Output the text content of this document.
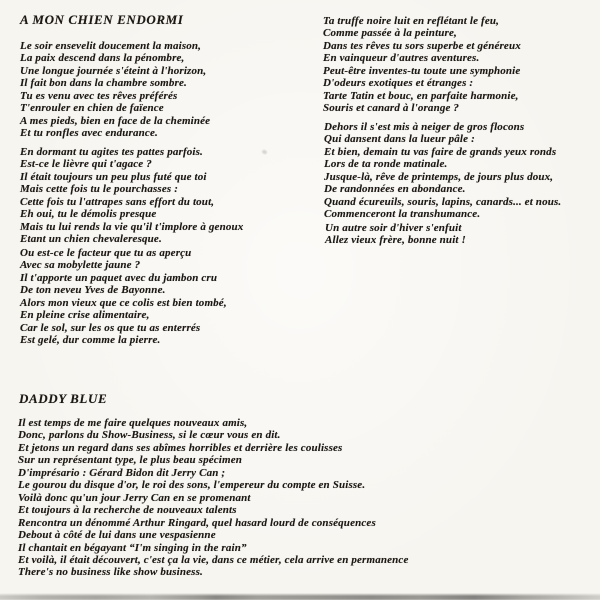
A MON CHIEN ENDORMI
Le soir ensevelit doucement la maison,
La paix descend dans la pénombre,
Une longue journée s'éteint à l'horizon,
Il fait bon dans la chambre sombre.
Tu es venu avec tes rêves préférés
T'enrouler en chien de faïence
A mes pieds, bien en face de la cheminée
Et tu ronfles avec endurance.
En dormant tu agites tes pattes parfois.
Est-ce le lièvre qui t'agace ?
Il était toujours un peu plus futé que toi
Mais cette fois tu le pourchasses :
Cette fois tu l'attrapes sans effort du tout,
Eh oui, tu le démolis presque
Mais tu lui rends la vie qu'il t'implore à genoux
Etant un chien chevaleresque.
Ou est-ce le facteur que tu as aperçu
Avec sa mobylette jaune ?
Il t'apporte un paquet avec du jambon cru
De ton neveu Yves de Bayonne.
Alors mon vieux que ce colis est bien tombé,
En pleine crise alimentaire,
Car le sol, sur les os que tu as enterrés
Est gelé, dur comme la pierre.
Ta truffe noire luit en reflétant le feu,
Comme passée à la peinture,
Dans tes rêves tu sors superbe et généreux
En vainqueur d'autres aventures.
Peut-être inventes-tu toute une symphonie
D'odeurs exotiques et étranges :
Tarte Tatin et bouc, en parfaite harmonie,
Souris et canard à l'orange ?
Dehors il s'est mis à neiger de gros flocons
Qui dansent dans la lueur pâle :
Et bien, demain tu vas faire de grands yeux ronds
Lors de ta ronde matinale.
Jusque-là, rêve de printemps, de jours plus doux,
De randonnées en abondance.
Quand écureuils, souris, lapins, canards... et nous.
Commenceront la transhumance.
Un autre soir d'hiver s'enfuit
Allez vieux frère, bonne nuit !
DADDY BLUE
Il est temps de me faire quelques nouveaux amis,
Donc, parlons du Show-Business, si le cœur vous en dit.
Et jetons un regard dans ses abîmes horribles et derrière les coulisses
Sur un représentant type, le plus beau spécimen
D'imprésario : Gérard Bidon dit Jerry Can ;
Le gourou du disque d'or, le roi des sons, l'empereur du compte en Suisse.
Voilà donc qu'un jour Jerry Can en se promenant
Et toujours à la recherche de nouveaux talents
Rencontra un dénommé Arthur Ringard, quel hasard lourd de conséquences
Debout à côté de lui dans une vespasienne
Il chantait en bégayant “I'm singing in the rain”
Et voilà, il était découvert, c'est ça la vie, dans ce métier, cela arrive en permanence
There's no business like show business.
